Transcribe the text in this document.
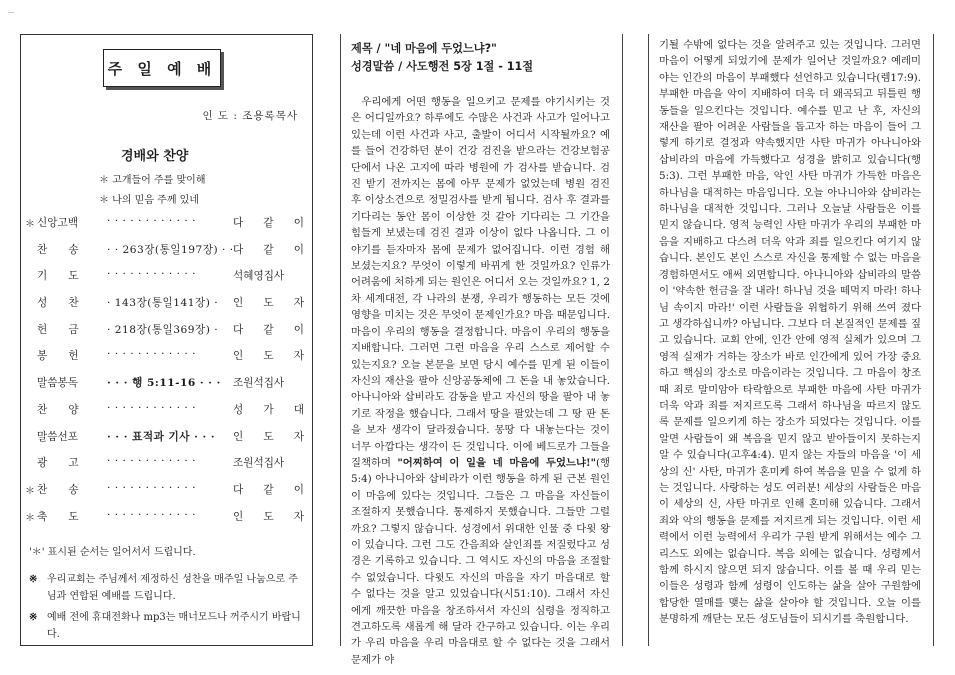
주 일 예 배
인 도 : 조용록목사
경배와 찬양
＊ 고개들어 주를 맞이해
＊ 나의 믿음 주께 있네
＊ 신앙고백	· · · · · · · · · · · ·	다 같 이
찬　　송	· · 263장(통일197장) · · 다 같 이
기　　도	· · · · · · · · · · · ·	석혜영집사
성　　찬	· 143장(통일141장) ·	인 도 자
헌　　금	· 218장(통일369장) ·	다 같 이
봉　　헌	· · · · · · · · · · · ·	인 도 자
말씀봉독	· · · 행 5:11-16 · · ·	조원석집사
찬　　양	· · · · · · · · · · · ·	성 가 대
말씀선포	· · · 표적과 기사 · · ·	인 도 자
광　　고	· · · · · · · · · · · ·	조원석집사
＊ 찬　　송	· · · · · · · · · · · ·	다 같 이
＊ 축　　도	· · · · · · · · · · · ·	인 도 자
'＊' 표시된 순서는 일어서서 드립니다.
※ 우리교회는 주님께서 제정하신 성찬을 매주일 나눔으로 주님과 연합된 예배를 드립니다.
※ 예배 전에 휴대전화나 mp3는 매너모드나 꺼주시기 바랍니다.
제목 / "네 마음에 두었느냐?"
성경말씀 / 사도행전 5장 1절 - 11절
우리에게 어떤 행동을 일으키고 문제를 야기시키는 것은 어디일까요? 하루에도 수많은 사건과 사고가 일어나고 있는데 이런 사건과 사고, 출발이 어디서 시작될까요? 예를 들어 건강하던 분이 건강 검진을 받으라는 건강보험공단에서 나온 고지에 따라 병원에 가 검사를 받습니다. 검진 받기 전까지는 몸에 아무 문제가 없었는데 병원 검진 후 이상소견으로 정밀검사를 받게 됩니다. 검사 후 결과를 기다리는 동안 몸이 이상한 것 같아 기다리는 그 기간을 힘들게 보냈는데 검진 결과 이상이 없다 나옵니다. 그 이야기를 듣자마자 몸에 문제가 없어집니다. 이런 경험 해 보셨는지요? 무엇이 이렇게 바뀌게 한 것일까요? 인류가 어려움에 처하게 되는 원인은 어디서 오는 것일까요? 1, 2차 세계대전, 각 나라의 분쟁, 우리가 행동하는 모든 것에 영향을 미치는 것은 무엇이 문제인가요? 마음 때문입니다. 마음이 우리의 행동을 결정합니다. 마음이 우리의 행동을 지배합니다. 그러면 그런 마음을 우리 스스로 제어할 수 있는지요? 오늘 본문을 보면 당시 예수를 믿게 된 이들이 자신의 재산을 팔아 신앙공동체에 그 돈을 내 놓았습니다. 아나니아와 삽비라도 감동을 받고 자신의 땅을 팔아 내 놓기로 작정을 했습니다. 그래서 땅을 팔았는데 그 땅 판 돈을 보자 생각이 달라졌습니다. 몽땅 다 내놓는다는 것이 너무 아깝다는 생각이 든 것입니다. 이에 베드로가 그들을 질책하며 "어찌하여 이 일을 네 마음에 두었느냐!"(행5:4) 아나니아와 삽비라가 이런 행동을 하게 된 근본 원인이 마음에 있다는 것입니다. 그들은 그 마음을 자신들이 조절하지 못했습니다. 통제하지 못했습니다. 그들만 그럴까요? 그렇지 않습니다. 성경에서 위대한 인물 중 다윗 왕이 있습니다. 그런 그도 간음죄와 살인죄를 저질렀다고 성경은 기록하고 있습니다. 그 역시도 자신의 마음을 조절할 수 없었습니다. 다윗도 자신의 마음을 자기 마음대로 할 수 없다는 것을 알고 있었습니다(시51:10). 그래서 자신에게 깨끗한 마음을 창조하셔서 자신의 심령을 정직하고 견고하도록 새롭게 해 달라 간구하고 있습니다. 이는 우리가 우리 마음을 우리 마음대로 할 수 없다는 것을 그래서 문제가 야
기될 수밖에 없다는 것을 알려주고 있는 것입니다. 그러면 마음이 어떻게 되었기에 문제가 일어난 것일까요? 예레미야는 인간의 마음이 부패했다 선언하고 있습니다(렘17:9). 부패한 마음을 악이 지배하여 더욱 더 왜곡되고 뒤틀린 행동들을 일으킨다는 것입니다. 예수를 믿고 난 후, 자신의 재산을 팔아 어려운 사람들을 돕고자 하는 마음이 들어 그렇게 하기로 결정과 약속했지만 사탄 마귀가 아나니아와 삽비라의 마음에 가득했다고 성경을 밝히고 있습니다(행5:3). 그런 부패한 마음, 악인 사탄 마귀가 가득한 마음은 하나님을 대적하는 마음입니다. 오늘 아나니아와 삽비라는 하나님을 대적한 것입니다. 그러나 오늘날 사람들은 이를 믿지 않습니다. 영적 능력인 사탄 마귀가 우리의 부패한 마음을 지배하고 다스려 더욱 악과 죄를 일으킨다 여기지 않습니다. 본인도 본인 스스로 자신을 통제할 수 없는 마음을 경험하면서도 애써 외면합니다. 아나니아와 삽비라의 말씀이 '약속한 헌금을 잘 내라! 하나님 것을 떼먹지 마라! 하나님 속이지 마라!' 이런 사람들을 위협하기 위해 쓰여 졌다고 생각하십니까? 아닙니다. 그보다 더 본질적인 문제를 짚고 있습니다. 교회 안에, 인간 안에 영적 실체가 있으며 그 영적 실재가 거하는 장소가 바로 인간에게 있어 가장 중요하고 핵심의 장소로 마음이라는 것입니다. 그 마음이 창조 때 죄로 말미암아 타락함으로 부패한 마음에 사탄 마귀가 더욱 악과 죄를 저지르도록 그래서 하나님을 따르지 않도록 문제를 일으키게 하는 장소가 되었다는 것입니다. 이를 알면 사람들이 왜 복음을 믿지 않고 받아들이지 못하는지 알 수 있습니다(고후4:4). 믿지 않는 자들의 마음을 '이 세상의 신' 사탄, 마귀가 혼미케 하여 복음을 믿을 수 없게 하는 것입니다. 사랑하는 성도 여러분! 세상의 사람들은 마음이 세상의 신, 사탄 마귀로 인해 혼미해 있습니다. 그래서 죄와 악의 행동을 문제를 저지르게 되는 것입니다. 이런 세력에서 이런 능력에서 우리가 구원 받게 위해서는 예수 그리스도 외에는 없습니다. 복음 외에는 없습니다. 성령께서 함께 하시지 않으면 되지 않습니다. 이를 볼 때 우리 믿는 이들은 성령과 함께 성령이 인도하는 삶을 살아 구원함에 합당한 열매를 맺는 삶을 살아야 할 것입니다. 오늘 이를 분명하게 깨닫는 모든 성도님들이 되시기를 축원합니다.
